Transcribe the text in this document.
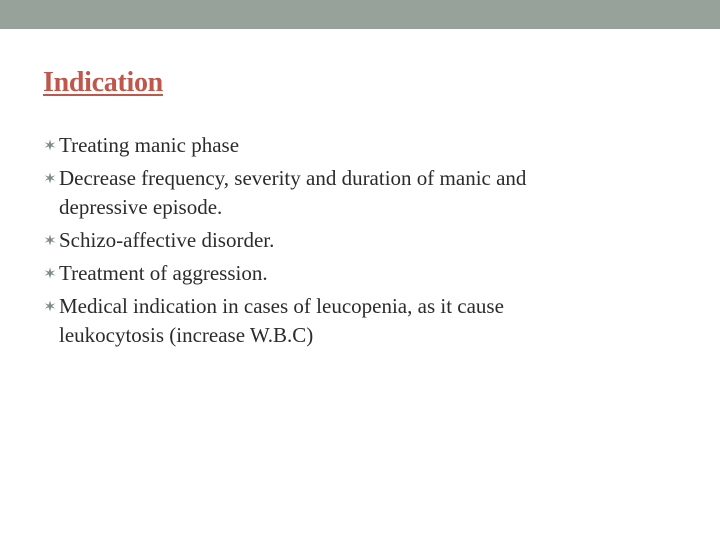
Indication
Treating manic phase
Decrease frequency, severity and duration of manic and
depressive episode.
Schizo-affective disorder.
Treatment of aggression.
Medical indication in cases of leucopenia, as it cause
leukocytosis (increase W.B.C)
